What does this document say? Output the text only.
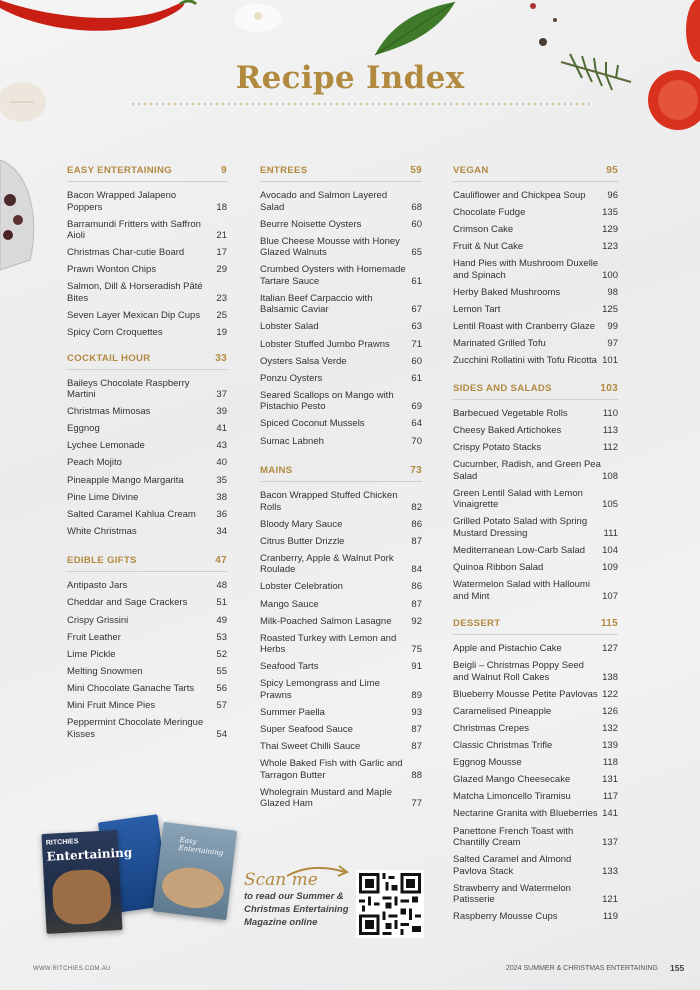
Recipe Index
EASY ENTERTAINING	9
Bacon Wrapped Jalapeno Poppers	18
Barramundi Fritters with Saffron Aioli	21
Christmas Char-cutie Board	17
Prawn Wonton Chips	29
Salmon, Dill & Horseradish Pâté Bites	23
Seven Layer Mexican Dip Cups	25
Spicy Corn Croquettes	19
COCKTAIL HOUR	33
Baileys Chocolate Raspberry Martini	37
Christmas Mimosas	39
Eggnog	41
Lychee Lemonade	43
Peach Mojito	40
Pineapple Mango Margarita	35
Pine Lime Divine	38
Salted Caramel Kahlua Cream	36
White Christmas	34
EDIBLE GIFTS	47
Antipasto Jars	48
Cheddar and Sage Crackers	51
Crispy Grissini	49
Fruit Leather	53
Lime Pickle	52
Melting Snowmen	55
Mini Chocolate Ganache Tarts	56
Mini Fruit Mince Pies	57
Peppermint Chocolate Meringue Kisses	54
ENTREES	59
Avocado and Salmon Layered Salad	68
Beurre Noisette Oysters	60
Blue Cheese Mousse with Honey Glazed Walnuts	65
Crumbed Oysters with Homemade Tartare Sauce	61
Italian Beef Carpaccio with Balsamic Caviar	67
Lobster Salad	63
Lobster Stuffed Jumbo Prawns	71
Oysters Salsa Verde	60
Ponzu Oysters	61
Seared Scallops on Mango with Pistachio Pesto	69
Spiced Coconut Mussels	64
Sumac Labneh	70
MAINS	73
Bacon Wrapped Stuffed Chicken Rolls	82
Bloody Mary Sauce	86
Citrus Butter Drizzle	87
Cranberry, Apple & Walnut Pork Roulade	84
Lobster Celebration	86
Mango Sauce	87
Milk-Poached Salmon Lasagne	92
Roasted Turkey with Lemon and Herbs	75
Seafood Tarts	91
Spicy Lemongrass and Lime Prawns	89
Summer Paella	93
Super Seafood Sauce	87
Thai Sweet Chilli Sauce	87
Whole Baked Fish with Garlic and Tarragon Butter	88
Wholegrain Mustard and Maple Glazed Ham	77
VEGAN	95
Cauliflower and Chickpea Soup	96
Chocolate Fudge	135
Crimson Cake	129
Fruit & Nut Cake	123
Hand Pies with Mushroom Duxelle and Spinach	100
Herby Baked Mushrooms	98
Lemon Tart	125
Lentil Roast with Cranberry Glaze	99
Marinated Grilled Tofu	97
Zucchini Rollatini with Tofu Ricotta 101
SIDES AND SALADS	103
Barbecued Vegetable Rolls	110
Cheesy Baked Artichokes	113
Crispy Potato Stacks	112
Cucumber, Radish, and Green Pea Salad	108
Green Lentil Salad with Lemon Vinaigrette	105
Grilled Potato Salad with Spring Mustard Dressing	111
Mediterranean Low-Carb Salad 104
Quinoa Ribbon Salad	109
Watermelon Salad with Halloumi and Mint	107
DESSERT	115
Apple and Pistachio Cake	127
Beigli – Christmas Poppy Seed and Walnut Roll Cakes	138
Blueberry Mousse Petite Pavlovas 122
Caramelised Pineapple	126
Christmas Crepes	132
Classic Christmas Trifle	139
Eggnog Mousse	118
Glazed Mango Cheesecake	131
Matcha Limoncello Tiramisu	117
Nectarine Granita with Blueberries 141
Panettone French Toast with Chantilly Cream	137
Salted Caramel and Almond Pavlova Stack	133
Strawberry and Watermelon Patisserie	121
Raspberry Mousse Cups	119
Easy Entertaining
RITCHIES
Entertaining
Scan me
to read our Summer &
Christmas Entertaining
Magazine online
WWW.RITCHIES.COM.AU	2024 SUMMER & CHRISTMAS ENTERTAINING 155
